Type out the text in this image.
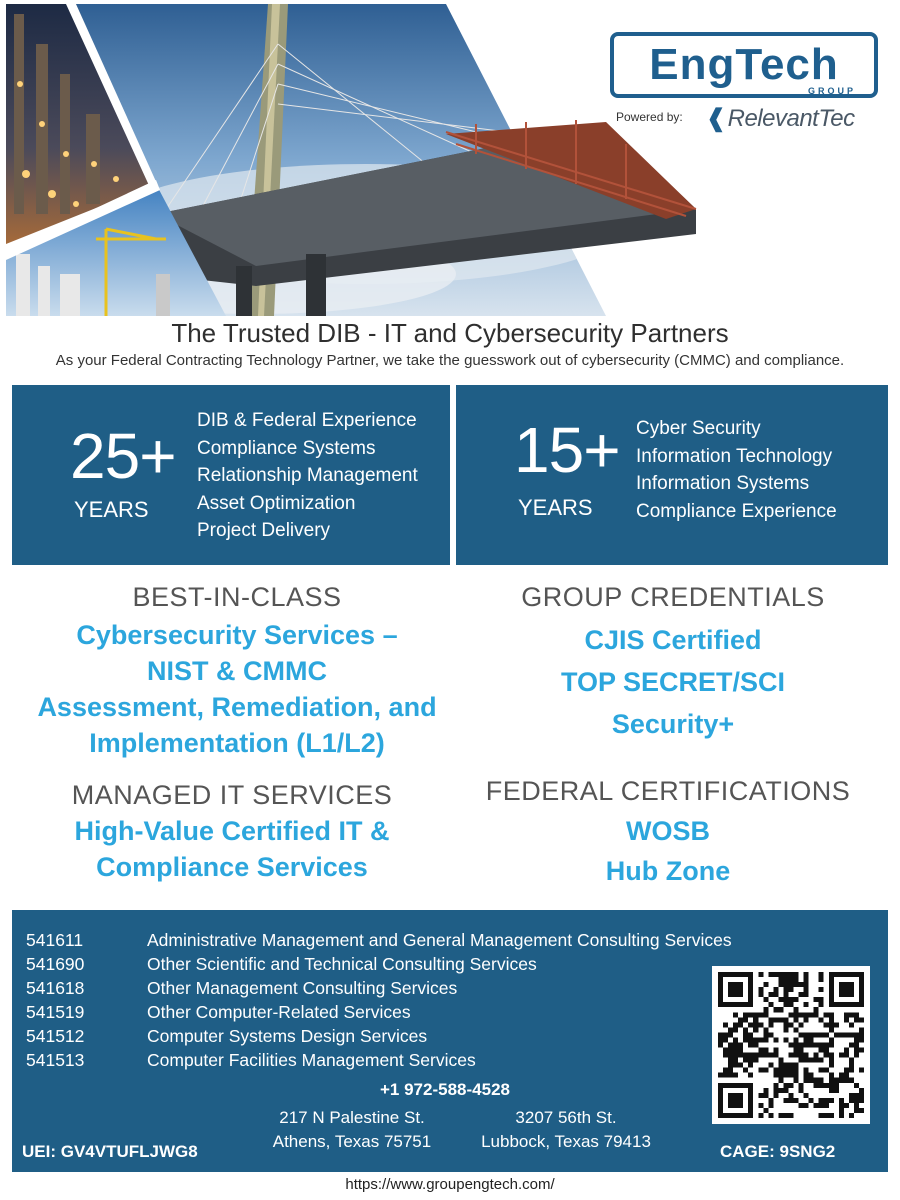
EngTech
GROUP
Powered by: ❰RelevantTec
The Trusted DIB - IT and Cybersecurity Partners
As your Federal Contracting Technology Partner, we take the guesswork out of cybersecurity (CMMC) and compliance.
25+
YEARS
DIB & Federal Experience
Compliance Systems
Relationship Management
Asset Optimization
Project Delivery
15+
YEARS
Cyber Security
Information Technology
Information Systems
Compliance Experience
BEST-IN-CLASS
Cybersecurity Services –
NIST & CMMC
Assessment, Remediation, and
Implementation (L1/L2)
GROUP CREDENTIALS
CJIS Certified
TOP SECRET/SCI
Security+
MANAGED IT SERVICES
High-Value Certified IT &
Compliance Services
FEDERAL CERTIFICATIONS
WOSB
Hub Zone
541611	Administrative Management and General Management Consulting Services
541690	Other Scientific and Technical Consulting Services
541618	Other Management Consulting Services
541519	Other Computer-Related Services
541512	Computer Systems Design Services
541513	Computer Facilities Management Services
+1 972-588-4528
217 N Palestine St.
Athens, Texas 75751
3207 56th St.
Lubbock, Texas 79413
UEI: GV4VTUFLJWG8	CAGE: 9SNG2
https://www.groupengtech.com/
